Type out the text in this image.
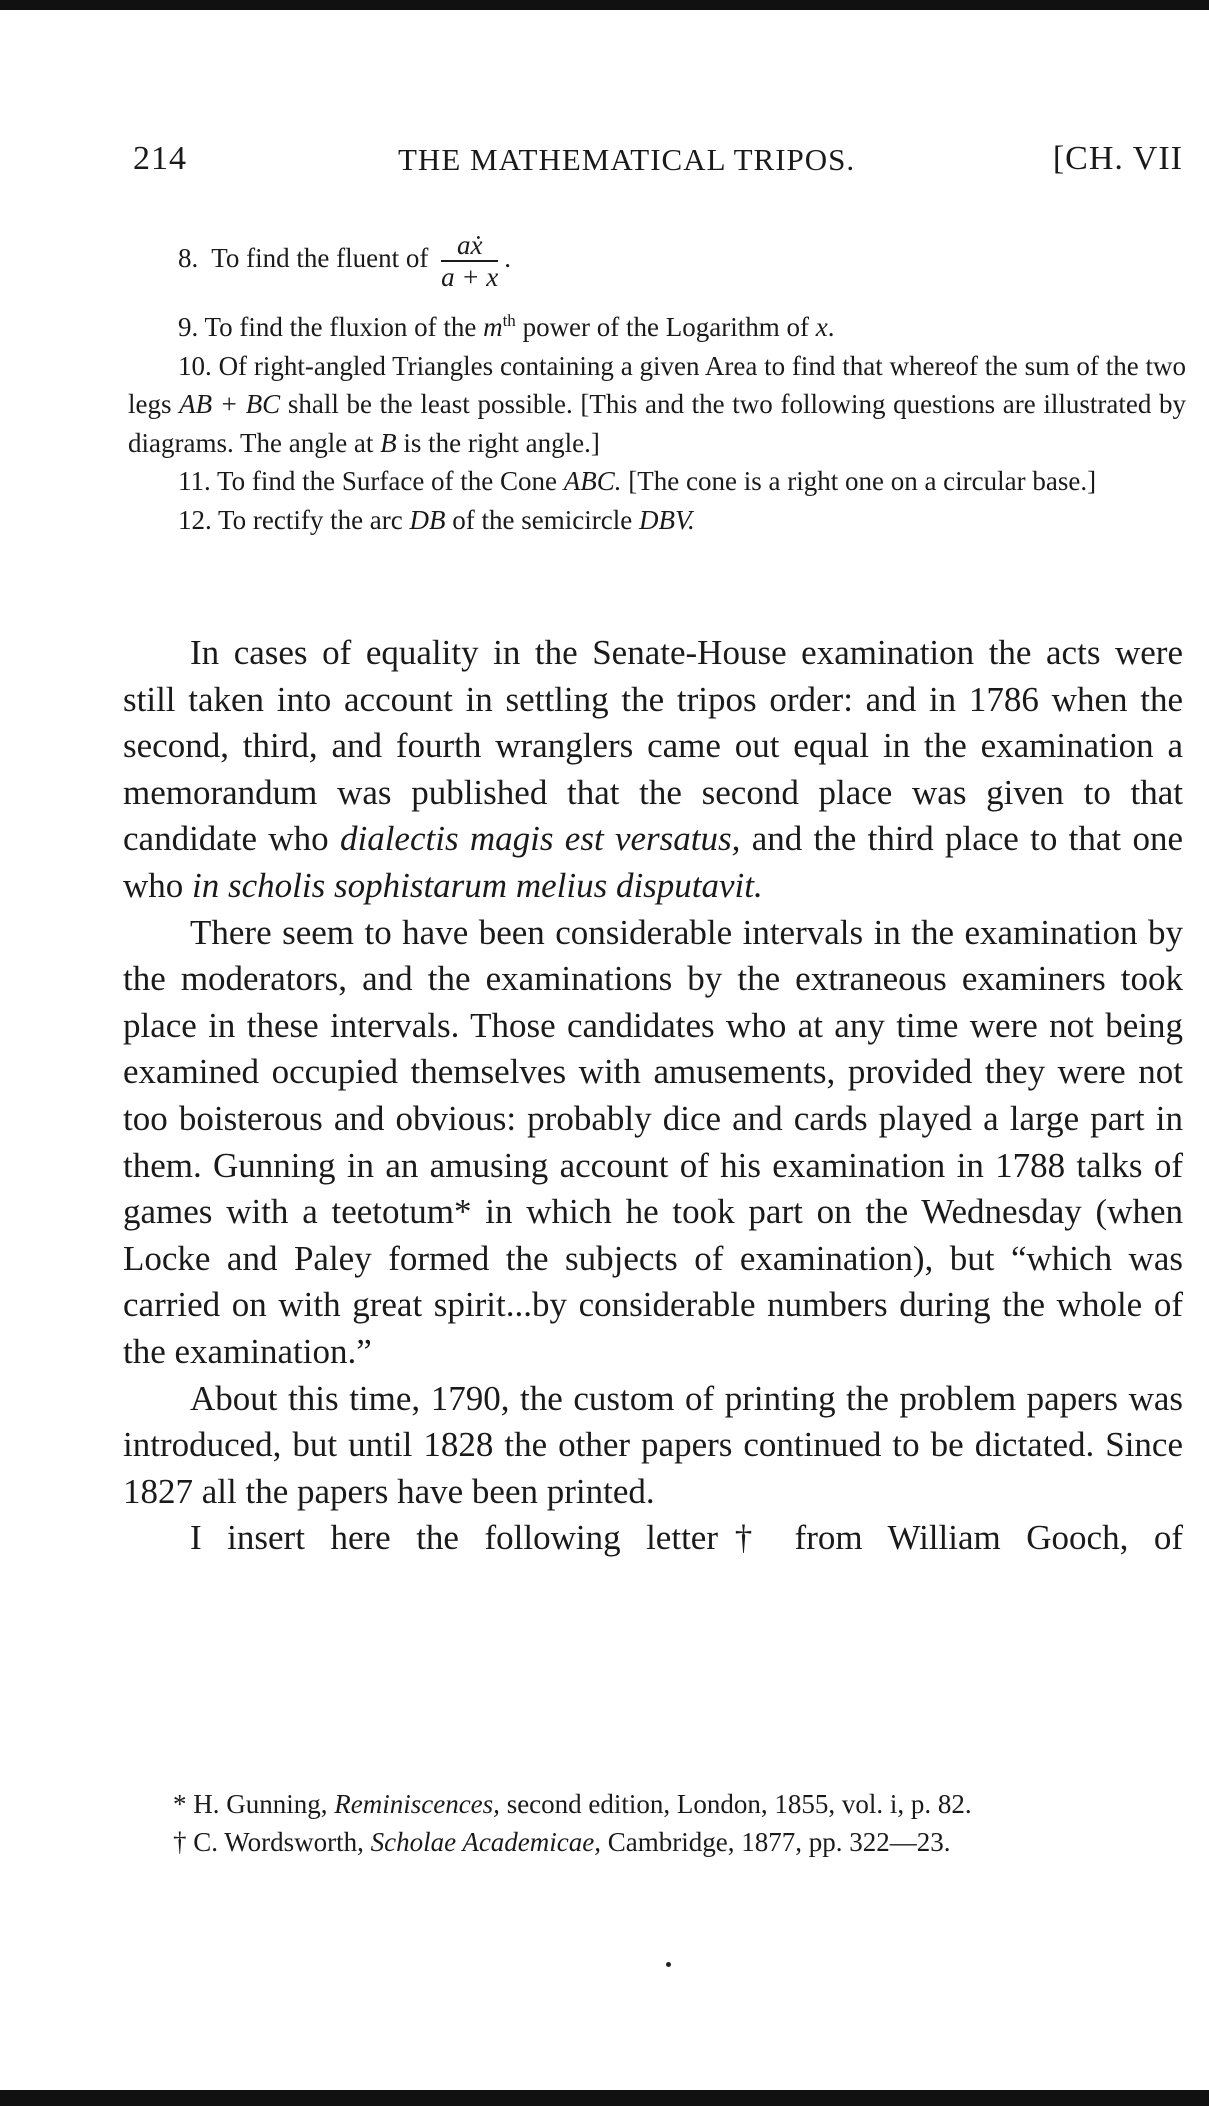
214	THE MATHEMATICAL TRIPOS.	[CH. VII
8. To find the fluent of $\frac{\text{aẋ}}{a + x}$ .

9. To find the fluxion of the $m^{th}$ power of the Logarithm of x.

10. Of right-angled Triangles containing a given Area to find that whereof the sum of the two legs AB + BC shall be the least possible. [This and the two following questions are illustrated by diagrams. The angle at B is the right angle.]

11. To find the Surface of the Cone ABC. [The cone is a right one on a circular base.]

12. To rectify the arc DB of the semicircle DBV.

In cases of equality in the Senate-House examination the acts were still taken into account in settling the tripos order: and in 1786 when the second, third, and fourth wranglers came out equal in the examination a memorandum was published that the second place was given to that candidate who dialectis magis est versatus, and the third place to that one who in scholis sophistarum melius disputavit.

There seem to have been considerable intervals in the examination by the moderators, and the examinations by the extraneous examiners took place in these intervals. Those candidates who at any time were not being examined occupied themselves with amusements, provided they were not too boisterous and obvious: probably dice and cards played a large part in them. Gunning in an amusing account of his examination in 1788 talks of games with a teetotum* in which he took part on the Wednesday (when Locke and Paley formed the subjects of examination), but “which was carried on with great spirit...by considerable numbers during the whole of the examination.”

About this time, 1790, the custom of printing the problem papers was introduced, but until 1828 the other papers continued to be dictated. Since 1827 all the papers have been printed.

I insert here the following letter† from William Gooch, of

* H. Gunning, Reminiscences, second edition, London, 1855, vol. i, p. 82.

† C. Wordsworth, Scholae Academicae, Cambridge, 1877, pp. 322—23.
